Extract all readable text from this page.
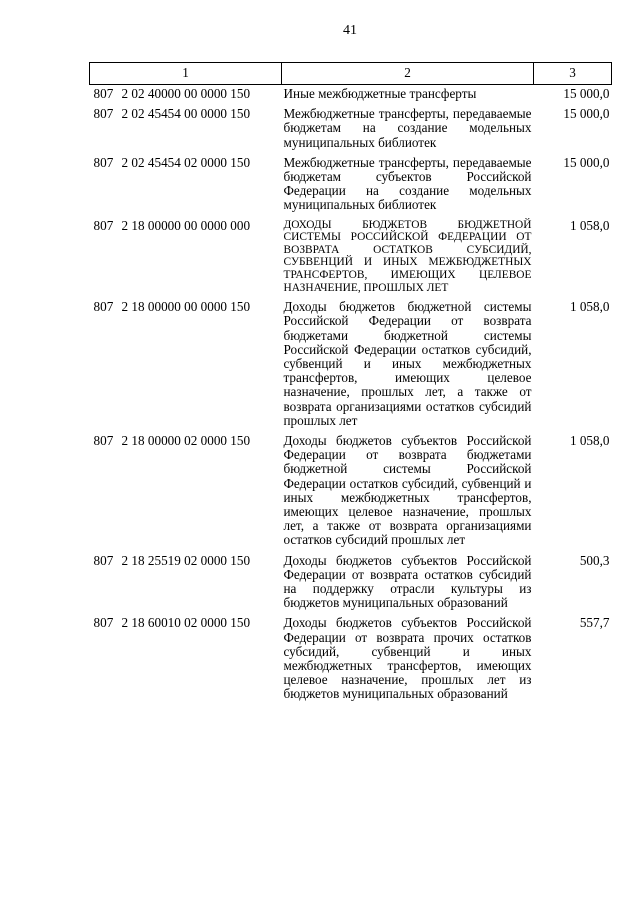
41
1	2	3
807 2 02 40000 00 0000 150	Иные межбюджетные трансферты	15 000,0
807 2 02 45454 00 0000 150	Межбюджетные трансферты, передаваемые бюджетам на создание модельных муниципальных библиотек	15 000,0
807 2 02 45454 02 0000 150	Межбюджетные трансферты, передаваемые бюджетам субъектов Российской Федерации на создание модельных муниципальных библиотек	15 000,0
807 2 18 00000 00 0000 000	ДОХОДЫ БЮДЖЕТОВ БЮДЖЕТНОЙ СИСТЕМЫ РОССИЙСКОЙ ФЕДЕРАЦИИ ОТ ВОЗВРАТА ОСТАТКОВ СУБСИДИЙ, СУБВЕНЦИЙ И ИНЫХ МЕЖБЮДЖЕТНЫХ ТРАНСФЕРТОВ, ИМЕЮЩИХ ЦЕЛЕВОЕ НАЗНАЧЕНИЕ, ПРОШЛЫХ ЛЕТ	1 058,0
807 2 18 00000 00 0000 150	Доходы бюджетов бюджетной системы Российской Федерации от возврата бюджетами бюджетной системы Российской Федерации остатков субсидий, субвенций и иных межбюджетных трансфертов, имеющих целевое назначение, прошлых лет, а также от возврата организациями остатков субсидий прошлых лет	1 058,0
807 2 18 00000 02 0000 150	Доходы бюджетов субъектов Российской Федерации от возврата бюджетами бюджетной системы Российской Федерации остатков субсидий, субвенций и иных межбюджетных трансфертов, имеющих целевое назначение, прошлых лет, а также от возврата организациями остатков субсидий прошлых лет	1 058,0
807 2 18 25519 02 0000 150	Доходы бюджетов субъектов Российской Федерации от возврата остатков субсидий на поддержку отрасли культуры из бюджетов муниципальных образований	500,3
807 2 18 60010 02 0000 150	Доходы бюджетов субъектов Российской Федерации от возврата прочих остатков субсидий, субвенций и иных межбюджетных трансфертов, имеющих целевое назначение, прошлых лет из бюджетов муниципальных образований	557,7
